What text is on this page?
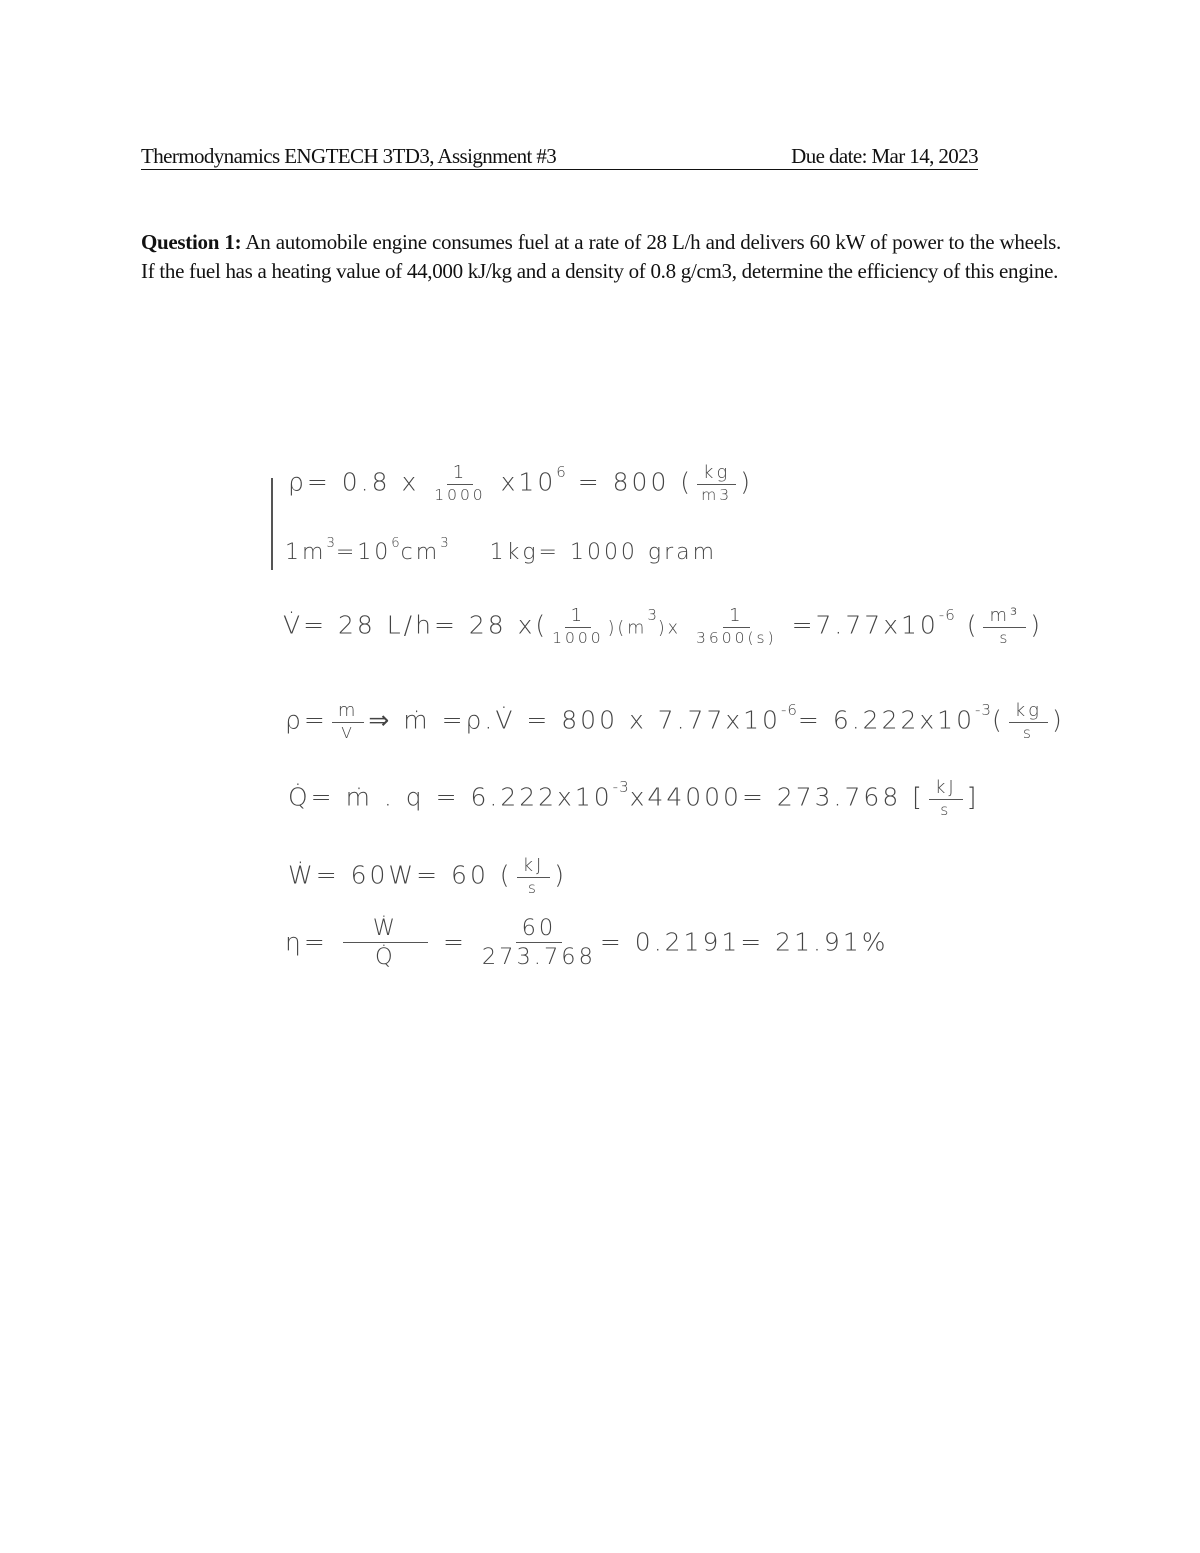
Thermodynamics ENGTECH 3TD3, Assignment #3	Due date: Mar 14, 2023
Question 1: An automobile engine consumes fuel at a rate of 28 L/h and delivers 60 kW of power to the wheels. If the fuel has a heating value of 44,000 kJ/kg and a density of 0.8 g/cm3, determine the efficiency of this engine.
ρ= 0.8 x $\frac{1}{1000} x10^6 = 800$ ( $\frac{kg}{m3}$ )
$1m^3=10^6cm^3$ 1kg= 1000 gram
V̇= 28 L/h= 28 $x( \frac{1}{1000} )(m^3)x \frac{1}{3600(s)} =7.77x10^{-6}$ ( $\frac{\text{m³}}{s}$ )
$\rho= \frac{m}{V}$ ⇒ ṁ =ρ.V̇ = 800 x $7.77x10^{-6}= 6.222x10^{-3}( \frac{kg}{s}$ )
Q̇= ṁ . $q = 6.222x10^{-3}x44000= 273.768$ [ $\frac{kJ}{s}$ ]
Ẇ= 60W= 60 ( $\frac{kJ}{s}$ )
$\eta= \frac{\text{Ẇ}}{Q̇} = \frac{60}{273.768} = 0.2191= 21.91\%$
